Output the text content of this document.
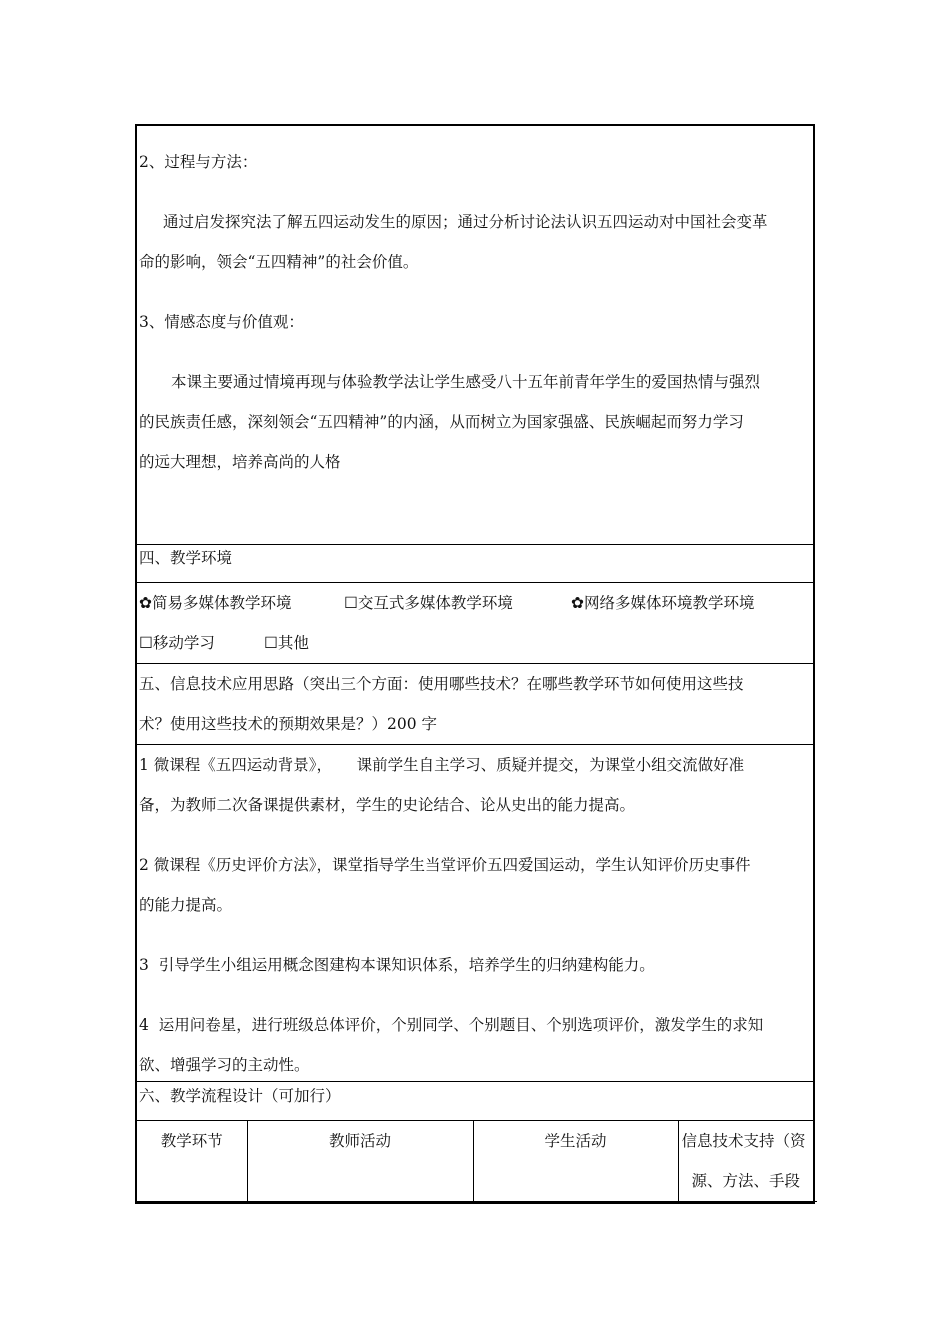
2、过程与方法：

通过启发探究法了解五四运动发生的原因；通过分析讨论法认识五四运动对中国社会变革

命的影响，领会“五四精神”的社会价值。

3、情感态度与价值观：

本课主要通过情境再现与体验教学法让学生感受八十五年前青年学生的爱国热情与强烈

的民族责任感，深刻领会“五四精神”的内涵，从而树立为国家强盛、民族崛起而努力学习

的远大理想，培养高尚的人格

四、教学环境

✿简易多媒体教学环境	☐交互式多媒体教学环境	✿网络多媒体环境教学环境
☐移动学习	☐其他

五、信息技术应用思路（突出三个方面：使用哪些技术？在哪些教学环节如何使用这些技

术？使用这些技术的预期效果是？）200 字

1 微课程《五四运动背景》，     课前学生自主学习、质疑并提交，为课堂小组交流做好准

备，为教师二次备课提供素材，学生的史论结合、论从史出的能力提高。

2 微课程《历史评价方法》，课堂指导学生当堂评价五四爱国运动，学生认知评价历史事件

的能力提高。

3  引导学生小组运用概念图建构本课知识体系，培养学生的归纳建构能力。

4  运用问卷星，进行班级总体评价，个别同学、个别题目、个别选项评价，激发学生的求知

欲、增强学习的主动性。

六、教学流程设计（可加行）

教学环节	教师活动	学生活动	信息技术支持（资
源、方法、手段
